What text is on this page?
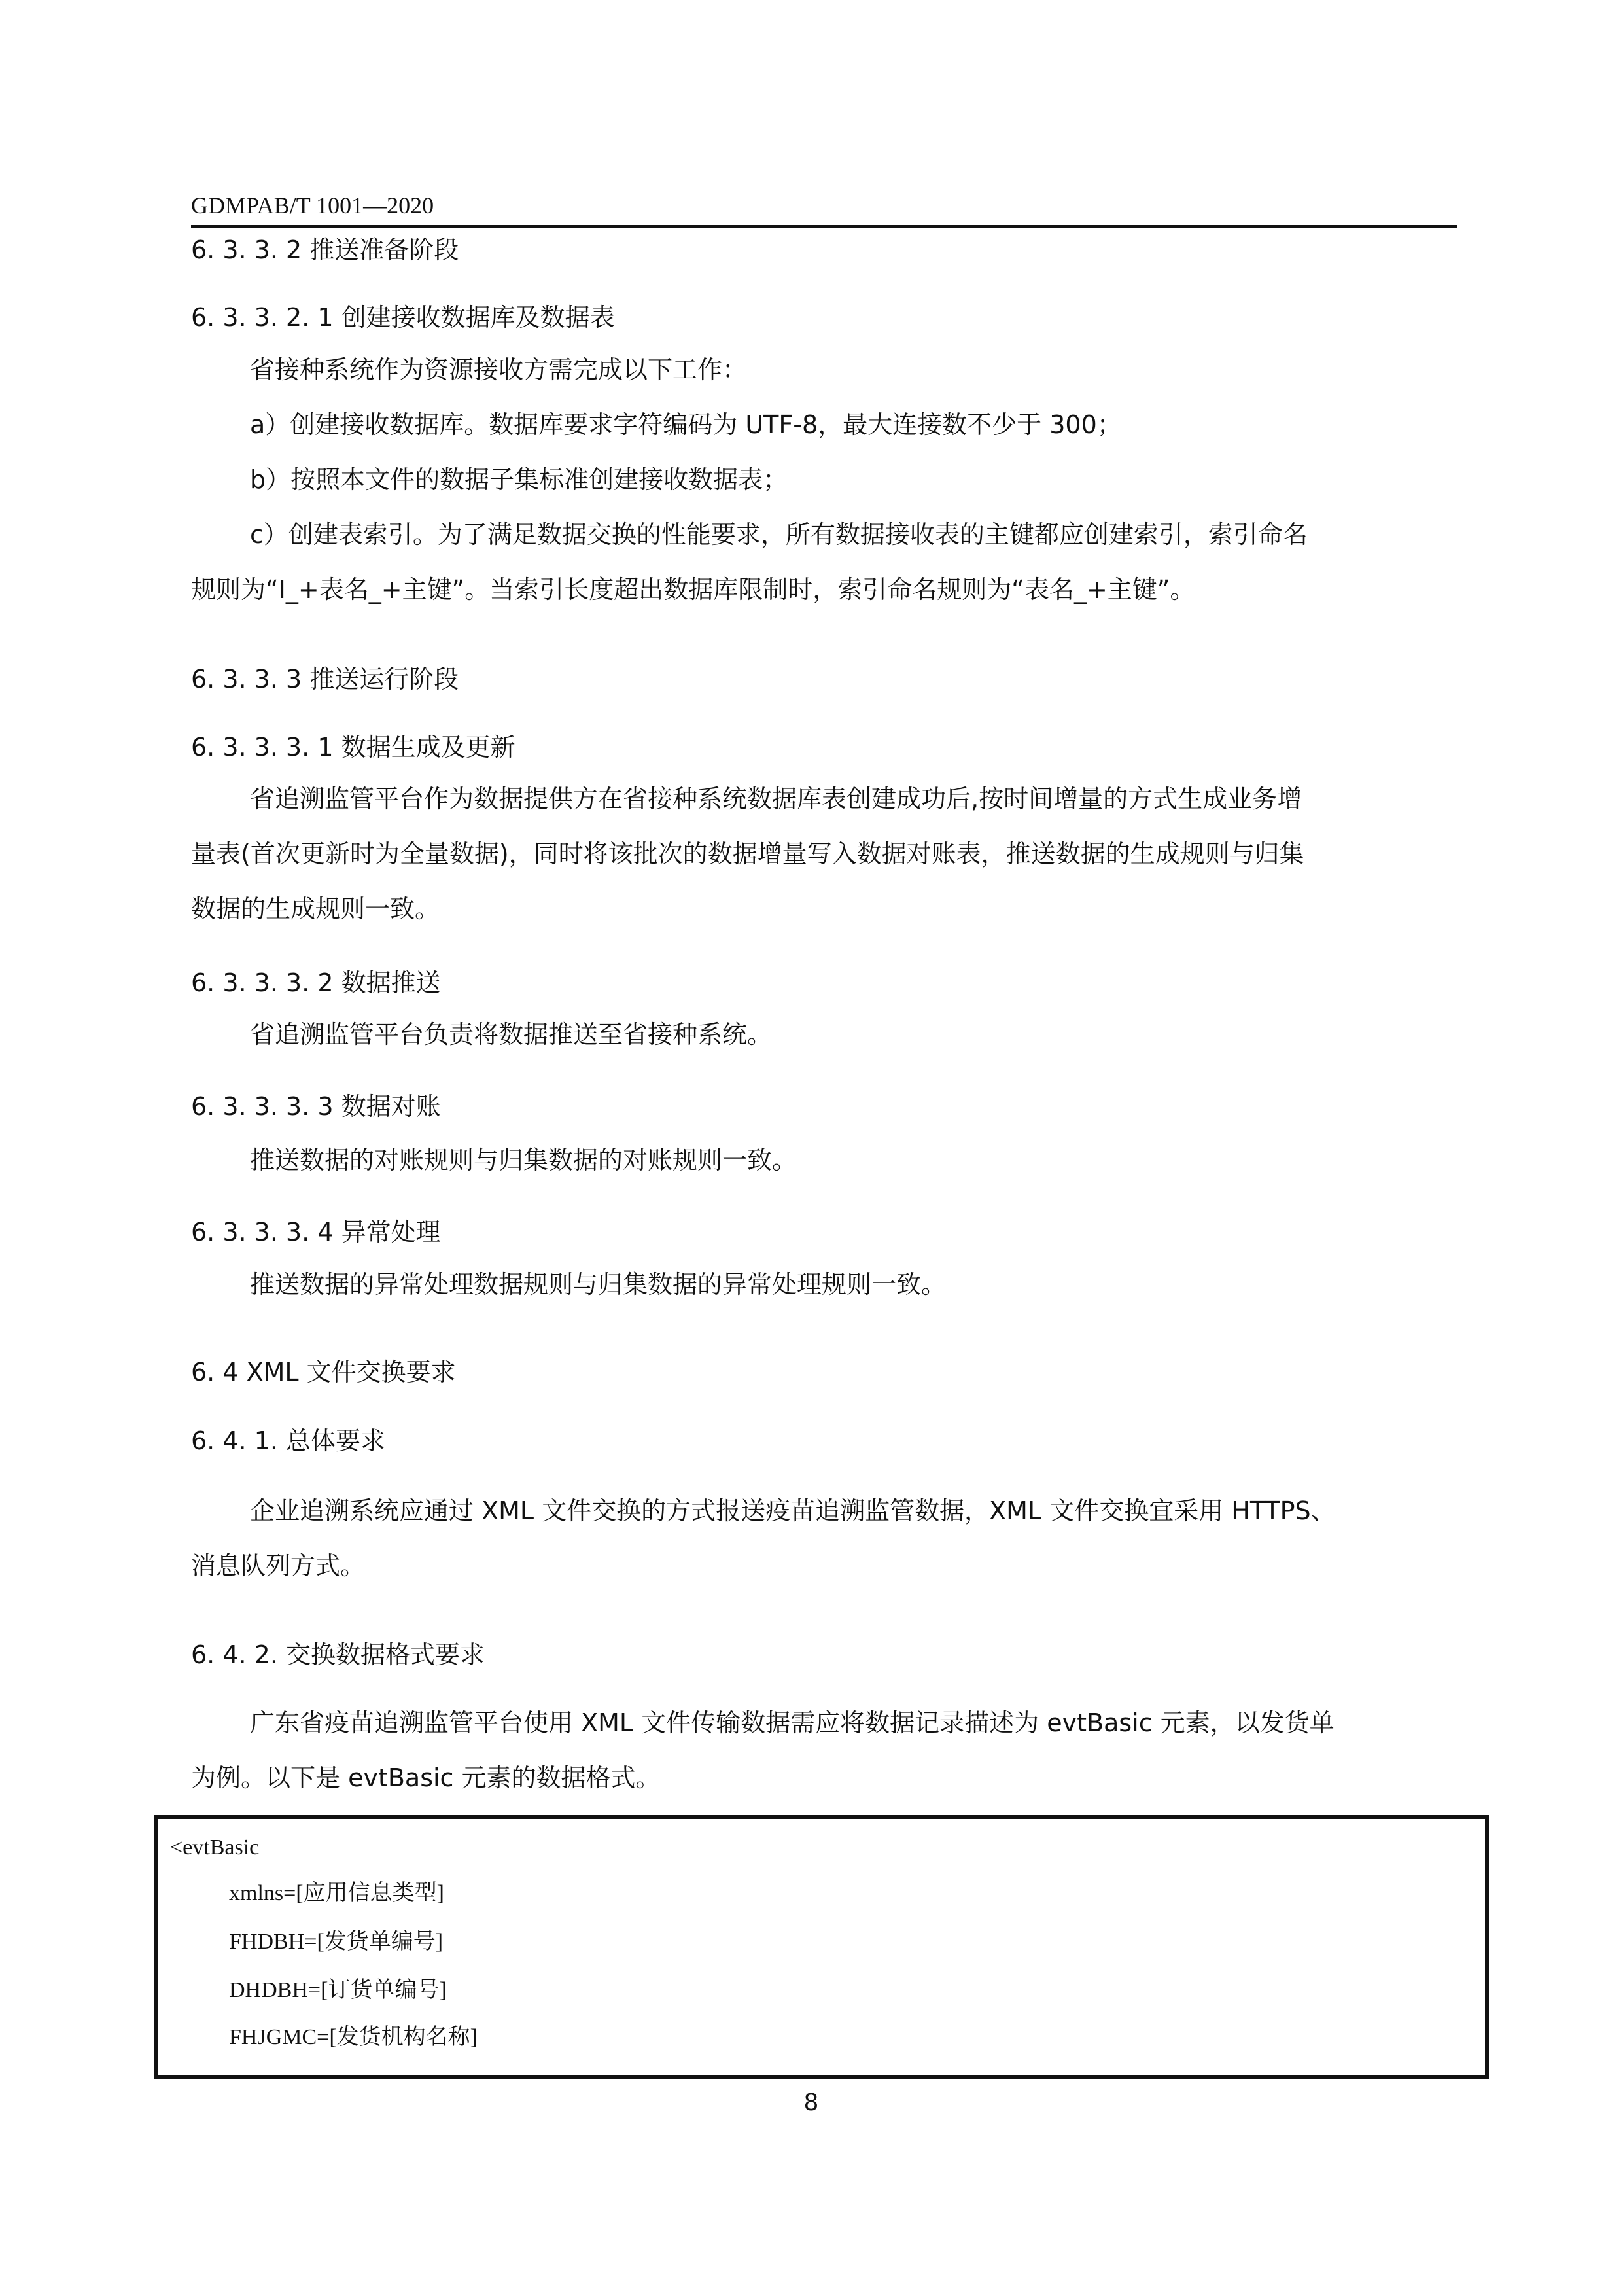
GDMPAB/T 1001—2020
6. 3. 3. 2 推送准备阶段
6. 3. 3. 2. 1 创建接收数据库及数据表
省接种系统作为资源接收方需完成以下工作：
a）创建接收数据库。数据库要求字符编码为 UTF-8，最大连接数不少于 300；
b）按照本文件的数据子集标准创建接收数据表；
c）创建表索引。为了满足数据交换的性能要求，所有数据接收表的主键都应创建索引，索引命名
规则为“I_+表名_+主键”。当索引长度超出数据库限制时，索引命名规则为“表名_+主键”。
6. 3. 3. 3 推送运行阶段
6. 3. 3. 3. 1 数据生成及更新
省追溯监管平台作为数据提供方在省接种系统数据库表创建成功后,按时间增量的方式生成业务增
量表(首次更新时为全量数据)，同时将该批次的数据增量写入数据对账表，推送数据的生成规则与归集
数据的生成规则一致。
6. 3. 3. 3. 2 数据推送
省追溯监管平台负责将数据推送至省接种系统。
6. 3. 3. 3. 3 数据对账
推送数据的对账规则与归集数据的对账规则一致。
6. 3. 3. 3. 4 异常处理
推送数据的异常处理数据规则与归集数据的异常处理规则一致。
6. 4 XML 文件交换要求
6. 4. 1. 总体要求
企业追溯系统应通过 XML 文件交换的方式报送疫苗追溯监管数据，XML 文件交换宜采用 HTTPS、
消息队列方式。
6. 4. 2. 交换数据格式要求
广东省疫苗追溯监管平台使用 XML 文件传输数据需应将数据记录描述为 evtBasic 元素，以发货单
为例。以下是 evtBasic 元素的数据格式。
<evtBasic
xmlns=[应用信息类型]
FHDBH=[发货单编号]
DHDBH=[订货单编号]
FHJGMC=[发货机构名称]
8
